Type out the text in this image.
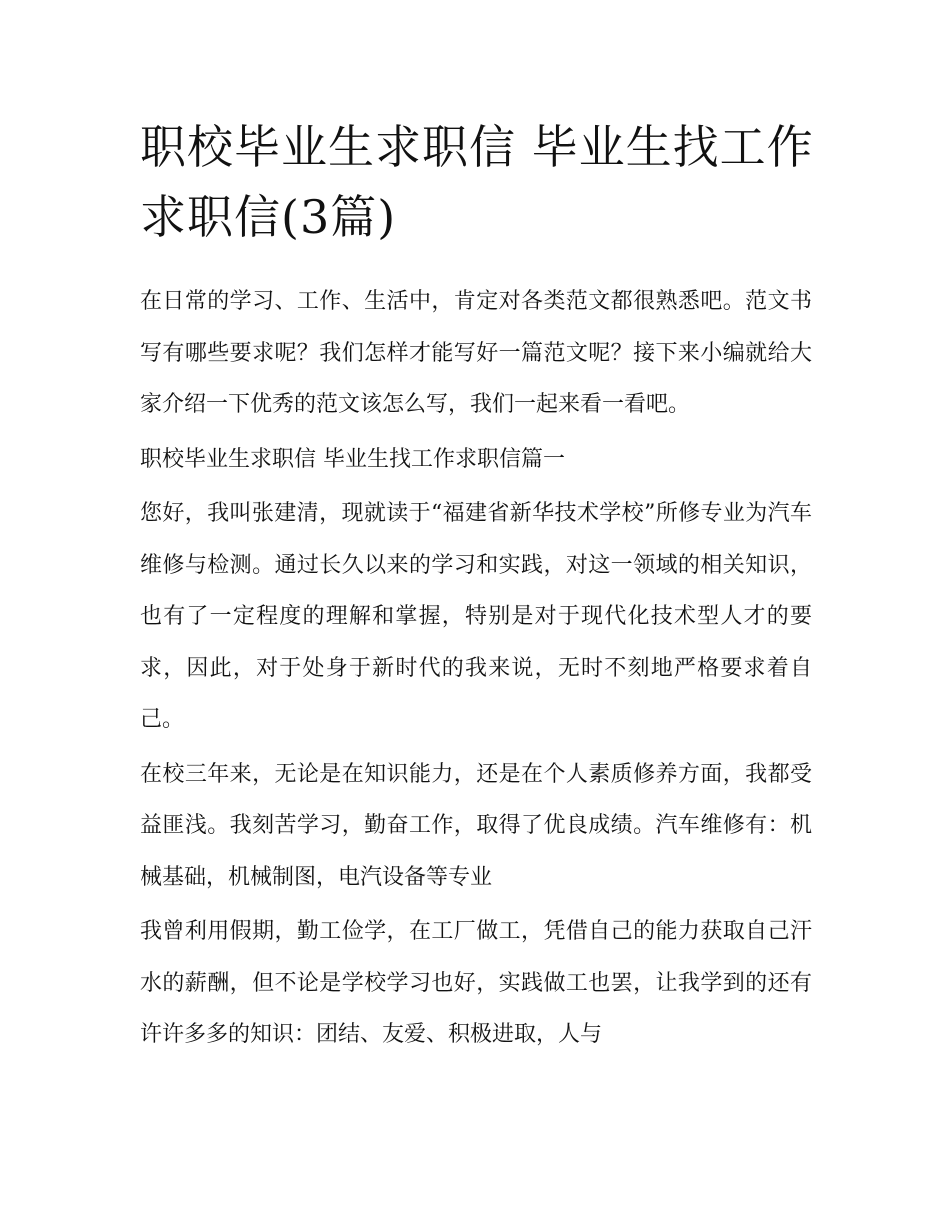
职校毕业生求职信 毕业生找工作求职信(3篇)

在日常的学习、工作、生活中，肯定对各类范文都很熟悉吧。范文书写有哪些要求呢？我们怎样才能写好一篇范文呢？接下来小编就给大家介绍一下优秀的范文该怎么写，我们一起来看一看吧。

职校毕业生求职信 毕业生找工作求职信篇一

您好，我叫张建清，现就读于“福建省新华技术学校”所修专业为汽车维修与检测。通过长久以来的学习和实践，对这一领域的相关知识，也有了一定程度的理解和掌握，特别是对于现代化技术型人才的要求，因此，对于处身于新时代的我来说，无时不刻地严格要求着自己。

在校三年来，无论是在知识能力，还是在个人素质修养方面，我都受益匪浅。我刻苦学习，勤奋工作，取得了优良成绩。汽车维修有：机械基础，机械制图，电汽设备等专业

我曾利用假期，勤工俭学，在工厂做工，凭借自己的能力获取自己汗水的薪酬，但不论是学校学习也好，实践做工也罢，让我学到的还有许许多多的知识：团结、友爱、积极进取，人与
